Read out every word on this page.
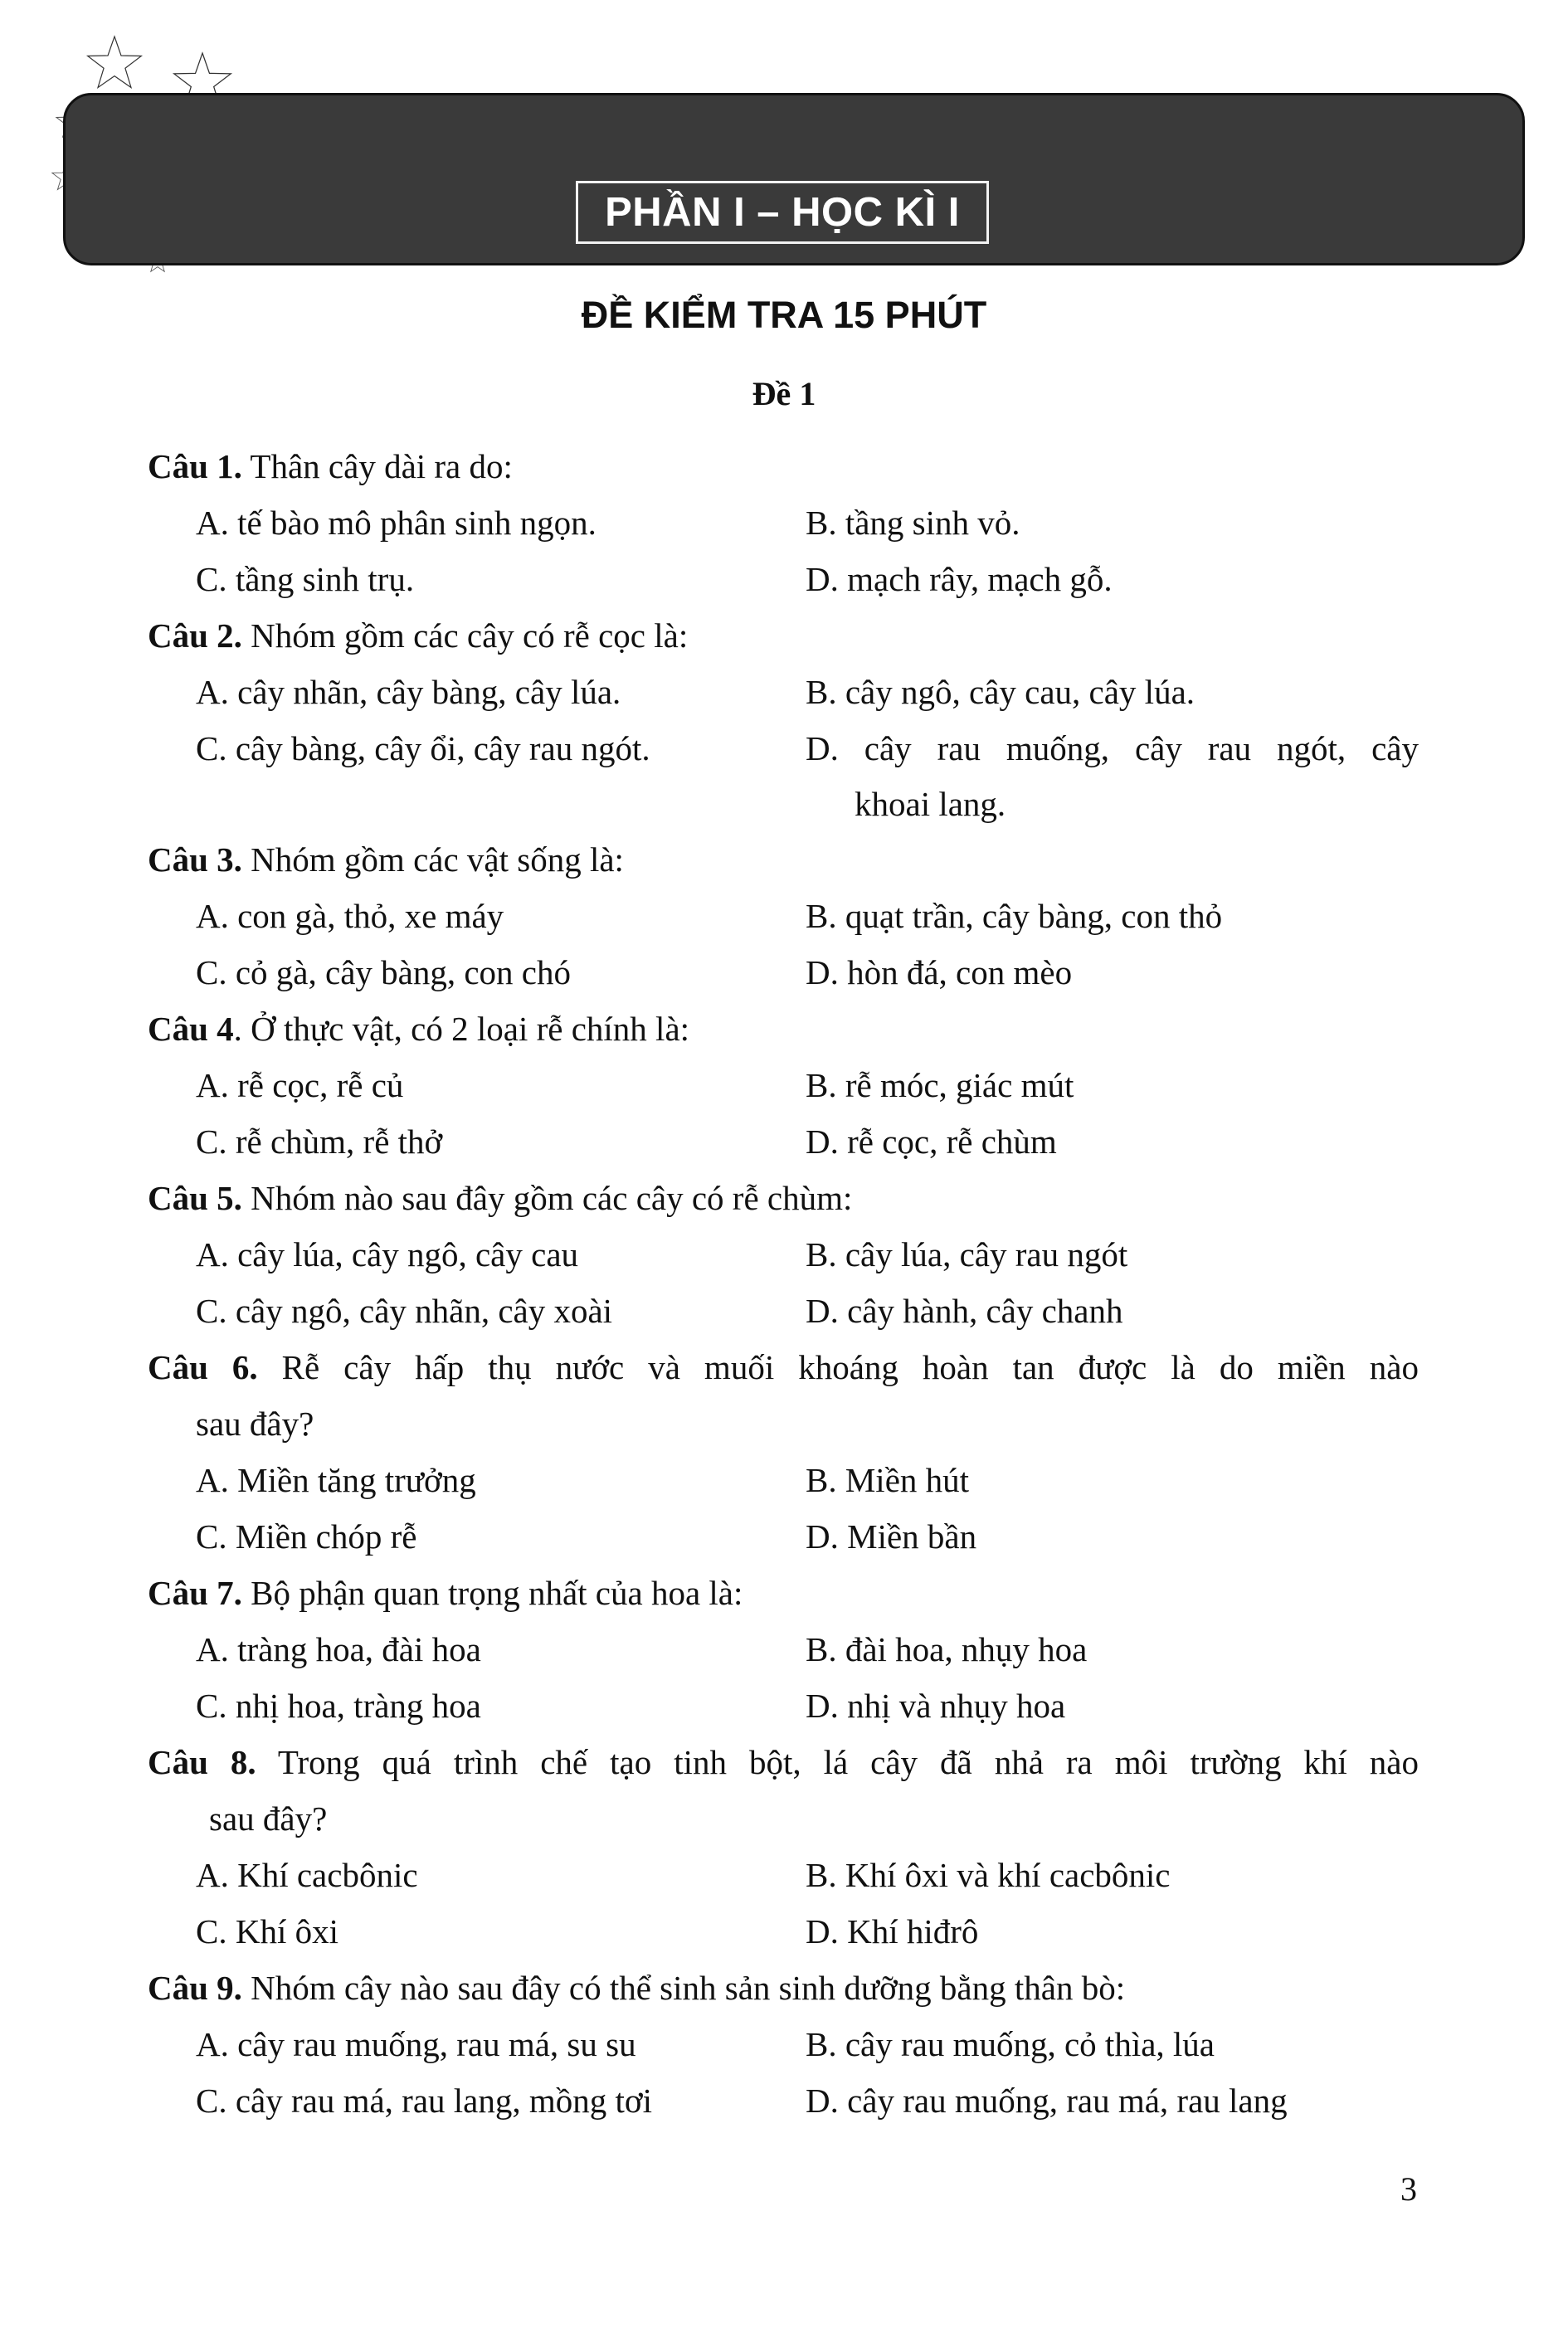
PHẦN I – HỌC KÌ I
ĐỀ KIỂM TRA 15 PHÚT
Đề 1
Câu 1. Thân cây dài ra do:
A. tế bào mô phân sinh ngọn.	B. tầng sinh vỏ.
C. tầng sinh trụ.	D. mạch rây, mạch gỗ.
Câu 2. Nhóm gồm các cây có rễ cọc là:
A. cây nhãn, cây bàng, cây lúa.	B. cây ngô, cây cau, cây lúa.
C. cây bàng, cây ổi, cây rau ngót.	D. cây rau muống, cây rau ngót, cây
khoai lang.
Câu 3. Nhóm gồm các vật sống là:
A. con gà, thỏ, xe máy	B. quạt trần, cây bàng, con thỏ
C. cỏ gà, cây bàng, con chó	D. hòn đá, con mèo
Câu 4. Ở thực vật, có 2 loại rễ chính là:
A. rễ cọc, rễ củ	B. rễ móc, giác mút
C. rễ chùm, rễ thở	D. rễ cọc, rễ chùm
Câu 5. Nhóm nào sau đây gồm các cây có rễ chùm:
A. cây lúa, cây ngô, cây cau	B. cây lúa, cây rau ngót
C. cây ngô, cây nhãn, cây xoài	D. cây hành, cây chanh
Câu 6. Rễ cây hấp thụ nước và muối khoáng hoàn tan được là do miền nào
sau đây?
A. Miền tăng trưởng	B. Miền hút
C. Miền chóp rễ	D. Miền bần
Câu 7. Bộ phận quan trọng nhất của hoa là:
A. tràng hoa, đài hoa	B. đài hoa, nhụy hoa
C. nhị hoa, tràng hoa	D. nhị và nhụy hoa
Câu 8. Trong quá trình chế tạo tinh bột, lá cây đã nhả ra môi trường khí nào
sau đây?
A. Khí cacbônic	B. Khí ôxi và khí cacbônic
C. Khí ôxi	D. Khí hiđrô
Câu 9. Nhóm cây nào sau đây có thể sinh sản sinh dưỡng bằng thân bò:
A. cây rau muống, rau má, su su	B. cây rau muống, cỏ thìa, lúa
C. cây rau má, rau lang, mồng tơi	D. cây rau muống, rau má, rau lang
3
